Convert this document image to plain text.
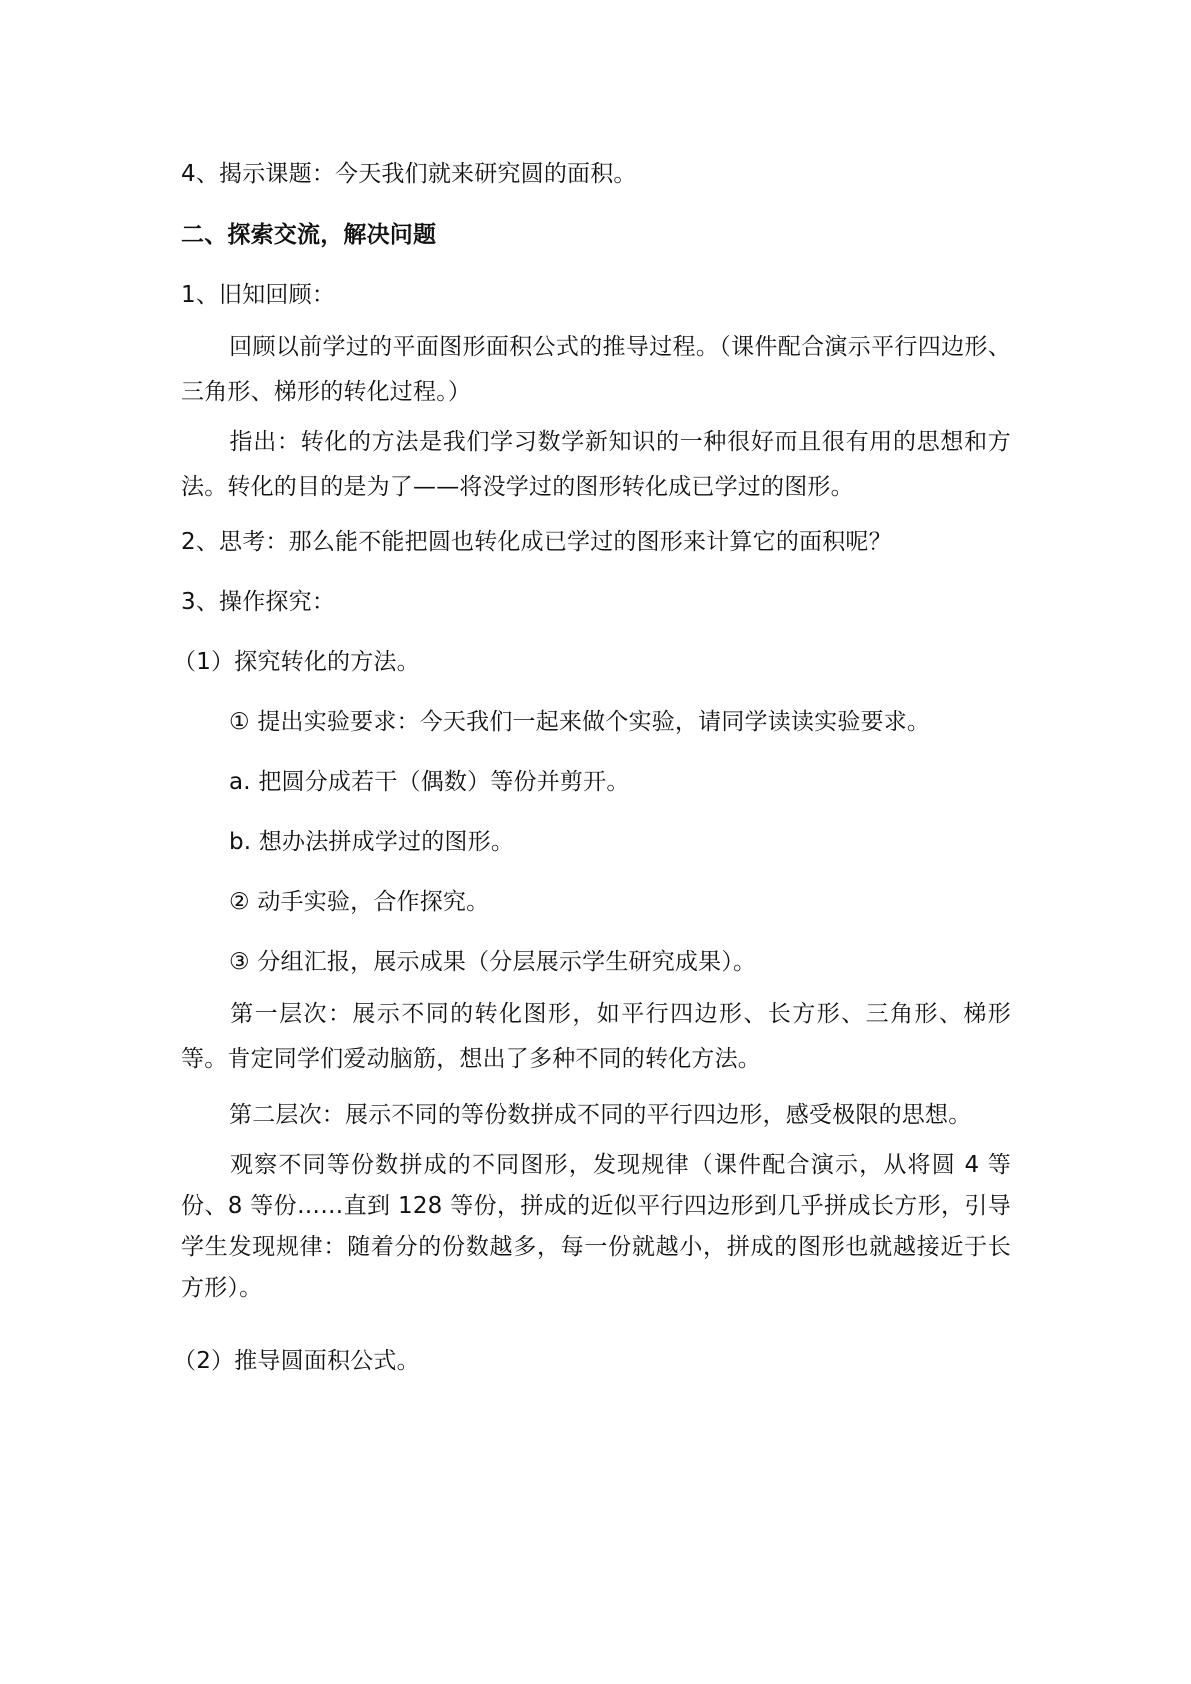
4、揭示课题：今天我们就来研究圆的面积。
二、探索交流，解决问题
1、旧知回顾：
回顾以前学过的平面图形面积公式的推导过程。（课件配合演示平行四边形、三角形、梯形的转化过程。）
指出：转化的方法是我们学习数学新知识的一种很好而且很有用的思想和方法。转化的目的是为了——将没学过的图形转化成已学过的图形。
2、思考：那么能不能把圆也转化成已学过的图形来计算它的面积呢？
3、操作探究：
（1）探究转化的方法。
① 提出实验要求：今天我们一起来做个实验，请同学读读实验要求。
a. 把圆分成若干（偶数）等份并剪开。
b. 想办法拼成学过的图形。
② 动手实验，合作探究。
③ 分组汇报，展示成果（分层展示学生研究成果）。
第一层次：展示不同的转化图形，如平行四边形、长方形、三角形、梯形等。肯定同学们爱动脑筋，想出了多种不同的转化方法。
第二层次：展示不同的等份数拼成不同的平行四边形，感受极限的思想。
观察不同等份数拼成的不同图形，发现规律（课件配合演示，从将圆 4 等份、8 等份……直到 128 等份，拼成的近似平行四边形到几乎拼成长方形，引导学生发现规律：随着分的份数越多，每一份就越小，拼成的图形也就越接近于长方形）。
（2）推导圆面积公式。
